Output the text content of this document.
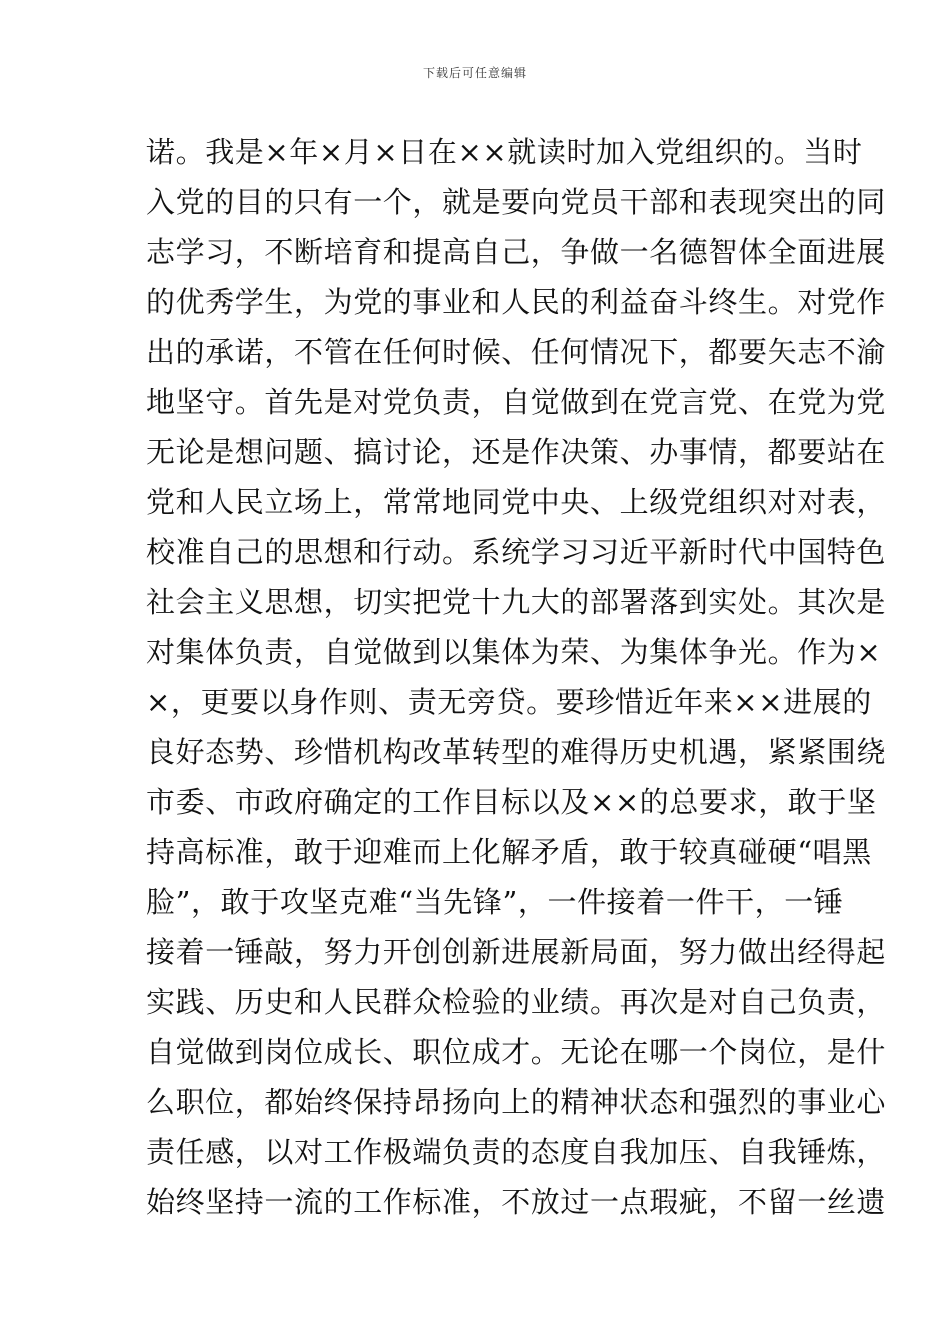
下载后可任意编辑
诺。我是×年×月×日在××就读时加入党组织的。当时
入党的目的只有一个，就是要向党员干部和表现突出的同
志学习，不断培育和提高自己，争做一名德智体全面进展
的优秀学生，为党的事业和人民的利益奋斗终生。对党作
出的承诺，不管在任何时候、任何情况下，都要矢志不渝
地坚守。首先是对党负责，自觉做到在党言党、在党为党
无论是想问题、搞讨论，还是作决策、办事情，都要站在
党和人民立场上，常常地同党中央、上级党组织对对表，
校准自己的思想和行动。系统学习习近平新时代中国特色
社会主义思想，切实把党十九大的部署落到实处。其次是
对集体负责，自觉做到以集体为荣、为集体争光。作为×
×，更要以身作则、责无旁贷。要珍惜近年来××进展的
良好态势、珍惜机构改革转型的难得历史机遇，紧紧围绕
市委、市政府确定的工作目标以及××的总要求，敢于坚
持高标准，敢于迎难而上化解矛盾，敢于较真碰硬“唱黑
脸”，敢于攻坚克难“当先锋”，一件接着一件干，一锤
接着一锤敲，努力开创创新进展新局面，努力做出经得起
实践、历史和人民群众检验的业绩。再次是对自己负责，
自觉做到岗位成长、职位成才。无论在哪一个岗位，是什
么职位，都始终保持昂扬向上的精神状态和强烈的事业心
责任感，以对工作极端负责的态度自我加压、自我锤炼，
始终坚持一流的工作标准，不放过一点瑕疵，不留一丝遗
